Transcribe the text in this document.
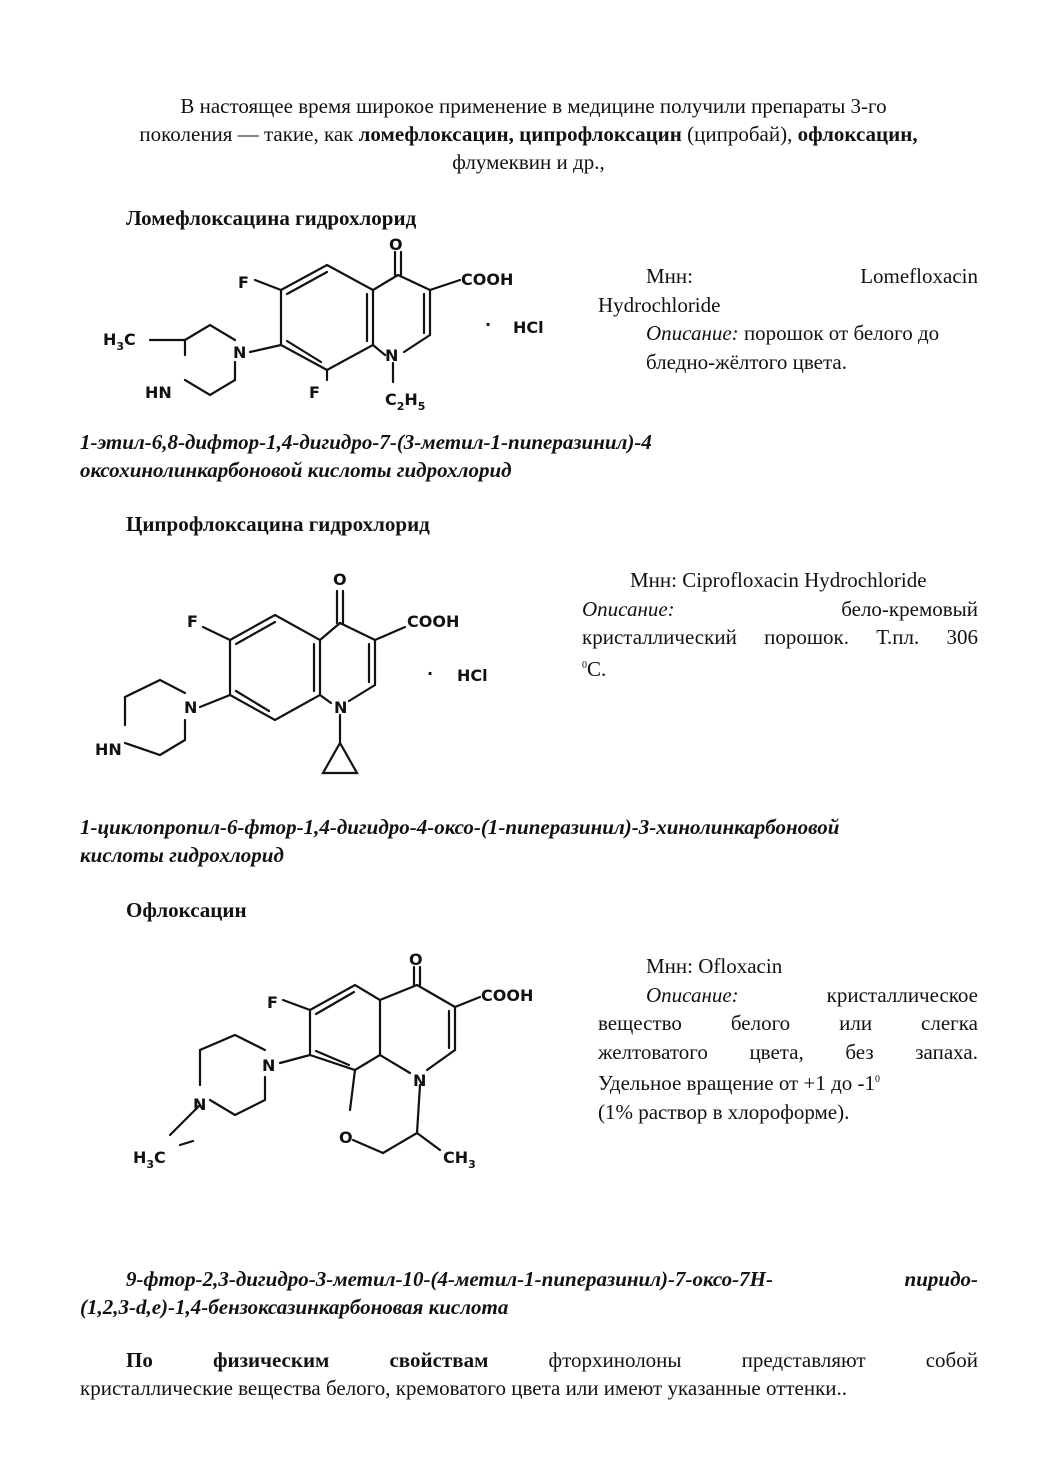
В настоящее время широкое применение в медицине получили препараты 3-го
поколения — такие, как ломефлоксацин, ципрофлоксацин (ципробай), офлоксацин,
флумеквин и др.,
Ломефлоксацина гидрохлорид
O
COOH
F
F
N
N
HN
$H_3C$
$C_2H_5$
· HCl
Мнн:	Lomefloxacin
Hydrochloride
Описание: порошок от белого до бледно-жёлтого цвета.
1-этил-6,8-дифтор-1,4-дигидро-7-(3-метил-1-пиперазинил)-4
оксохинолинкарбоновой кислоты гидрохлорид
Ципрофлоксацина гидрохлорид
O
COOH
F
N
N
HN
· HCl
Мнн: Ciprofloxacin Hydrochloride
Описание:	бело-кремовый
кристаллический порошок. Т.пл. 306
$^0$С.
1-циклопропил-6-фтор-1,4-дигидро-4-оксо-(1-пиперазинил)-3-хинолинкарбоновой
кислоты гидрохлорид
Офлоксацин
O
COOH
F
N
N
N
O
$H_3C$	$CH_3$
Мнн: Ofloxacin
Описание:	кристаллическое
вещество белого или слегка
желтоватого цвета, без запаха.
Удельное вращение от +1 до $-1^0$
(1% раствор в хлороформе).
9-фтор-2,3-дигидро-3-метил-10-(4-метил-1-пиперазинил)-7-оксо-7Н- пиридо-
(1,2,3-d,e)-1,4-бензоксазинкарбоновая кислота
По	физическим	свойствам	фторхинолоны	представляют	собой
кристаллические вещества белого, кремоватого цвета или имеют указанные оттенки..
